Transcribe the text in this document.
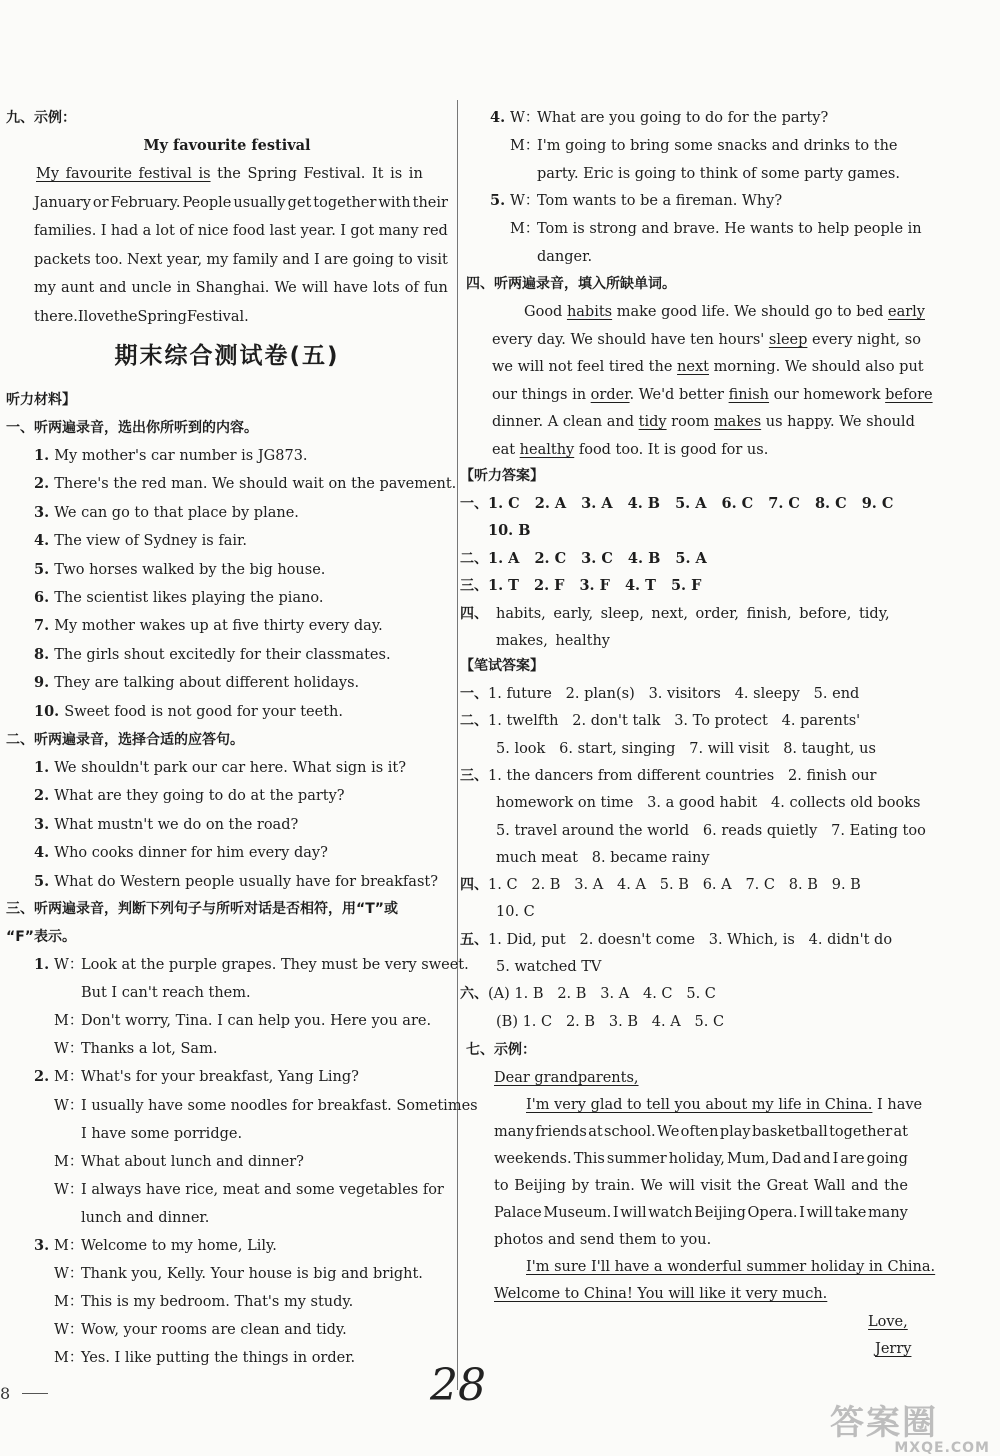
九、示例：
My favourite festival
My favourite festival is the Spring Festival. It is in
January or February. People usually get together with their
families. I had a lot of nice food last year. I got many red
packets too. Next year, my family and I are going to visit
my aunt and uncle in Shanghai. We will have lots of fun
there.IlovetheSpringFestival.
期末综合测试卷(五)
听力材料】
一、听两遍录音，选出你所听到的内容。
1. My mother's car number is JG873.
2. There's the red man. We should wait on the pavement.
3. We can go to that place by plane.
4. The view of Sydney is fair.
5. Two horses walked by the big house.
6. The scientist likes playing the piano.
7. My mother wakes up at five thirty every day.
8. The girls shout excitedly for their classmates.
9. They are talking about different holidays.
10. Sweet food is not good for your teeth.
二、听两遍录音，选择合适的应答句。
1. We shouldn't park our car here. What sign is it?
2. What are they going to do at the party?
3. What mustn't we do on the road?
4. Who cooks dinner for him every day?
5. What do Western people usually have for breakfast?
三、听两遍录音，判断下列句子与所听对话是否相符，用“T”或
“F”表示。
1. W：
Look at the purple grapes. They must be very sweet.
But I can't reach them.
M：
Don't worry, Tina. I can help you. Here you are.
W：
Thanks a lot, Sam.
2. M：
What's for your breakfast, Yang Ling?
W：
I usually have some noodles for breakfast. Sometimes
I have some porridge.
M：
What about lunch and dinner?
W：
I always have rice, meat and some vegetables for
lunch and dinner.
3. M：
Welcome to my home, Lily.
W：
Thank you, Kelly. Your house is big and bright.
M：
This is my bedroom. That's my study.
W：
Wow, your rooms are clean and tidy.
M：
Yes. I like putting the things in order.
4. W：
What are you going to do for the party?
M：
I'm going to bring some snacks and drinks to the
party. Eric is going to think of some party games.
5. W：
Tom wants to be a fireman. Why?
M：
Tom is strong and brave. He wants to help people in
danger.
四、听两遍录音，填入所缺单词。
Good habits make good life. We should go to bed early
every day. We should have ten hours' sleep every night, so
we will not feel tired the next morning. We should also put
our things in order. We'd better finish our homework before
dinner. A clean and tidy room makes us happy. We should
eat healthy food too. It is good for us.
【听力答案】
一、 1. C 2. A 3. A 4. B 5. A 6. C 7. C 8. C 9. C
10. B
二、 1. A 2. C 3. C 4. B 5. A
三、 1. T 2. F 3. F 4. T 5. F
四、 habits, early, sleep, next, order, finish, before, tidy,
makes, healthy
【笔试答案】
一、 1. future   2. plan(s)   3. visitors   4. sleepy   5. end
二、 1. twelfth   2. don't talk   3. To protect   4. parents'
5. look   6. start, singing   7. will visit   8. taught, us
三、 1. the dancers from different countries   2. finish our
homework on time   3. a good habit   4. collects old books
5. travel around the world   6. reads quietly   7. Eating too
much meat   8. became rainy
四、 1. C   2. B   3. A   4. A   5. B   6. A   7. C   8. B   9. B
10. C
五、 1. Did, put   2. doesn't come   3. Which, is   4. didn't do
5. watched TV
六、 (A) 1. B   2. B   3. A   4. C   5. C
(B) 1. C   2. B   3. B   4. A   5. C
七、示例：
Dear grandparents,
I'm very glad to tell you about my life in China. I have
many friends at school. We often play basketball together at
weekends. This summer holiday, Mum, Dad and I are going
to Beijing by train. We will visit the Great Wall and the
Palace Museum. I will watch Beijing Opera. I will take many
photos and send them to you.
I'm sure I'll have a wonderful summer holiday in China.
Welcome to China! You will like it very much.
Love,
Jerry
28
8
答案圈
MXQE.COM
